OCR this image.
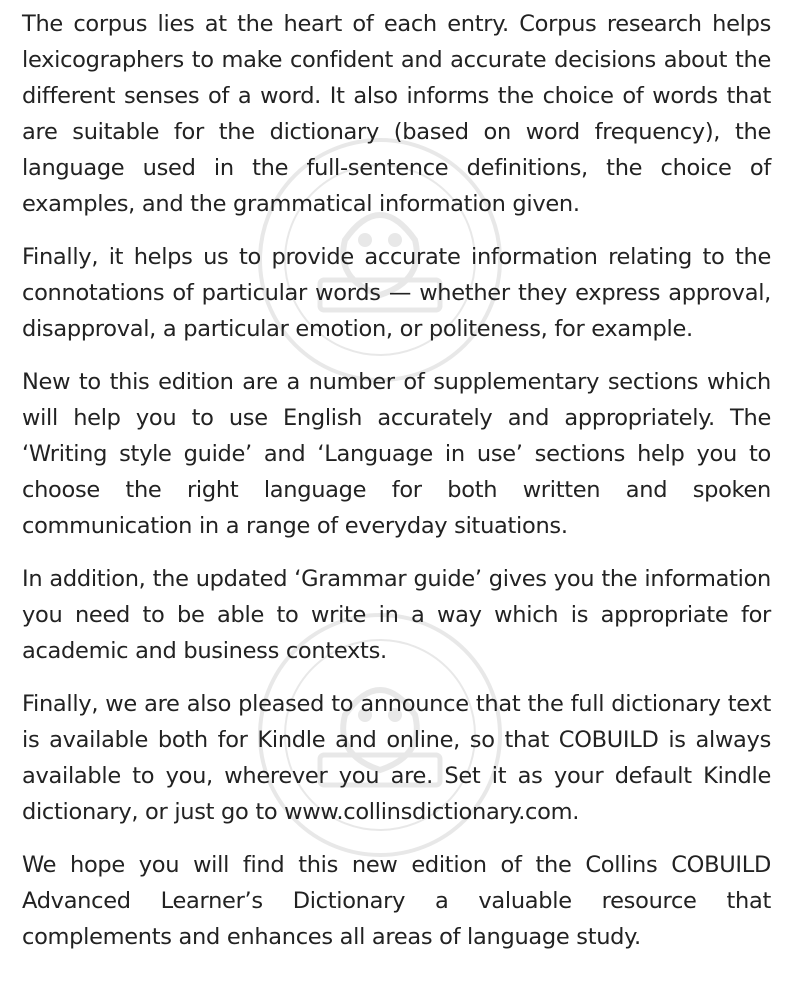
The corpus lies at the heart of each entry. Corpus research helps lexicographers to make confident and accurate decisions about the different senses of a word. It also informs the choice of words that are suitable for the dictionary (based on word frequency), the language used in the full-sentence definitions, the choice of examples, and the grammatical information given.

Finally, it helps us to provide accurate information relating to the connotations of particular words — whether they express approval, disapproval, a particular emotion, or politeness, for example.

New to this edition are a number of supplementary sections which will help you to use English accurately and appropriately. The ‘Writing style guide’ and ‘Language in use’ sections help you to choose the right language for both written and spoken communication in a range of everyday situations.

In addition, the updated ‘Grammar guide’ gives you the information you need to be able to write in a way which is appropriate for academic and business contexts.

Finally, we are also pleased to announce that the full dictionary text is available both for Kindle and online, so that COBUILD is always available to you, wherever you are. Set it as your default Kindle dictionary, or just go to www.collinsdictionary.com.

We hope you will find this new edition of the Collins COBUILD Advanced Learner’s Dictionary a valuable resource that complements and enhances all areas of language study.
